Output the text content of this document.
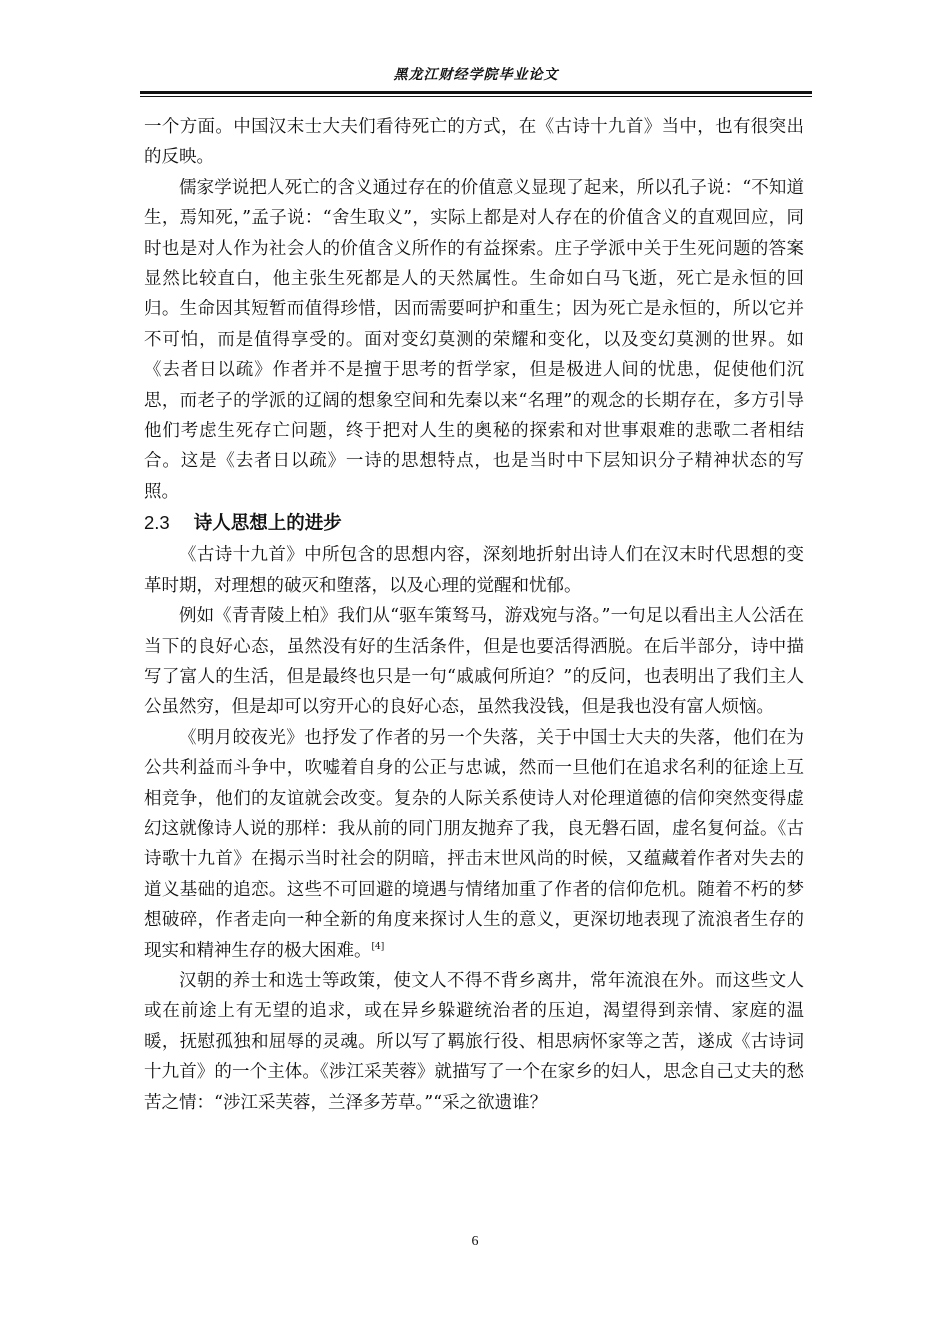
黑龙江财经学院毕业论文

一个方面。中国汉末士大夫们看待死亡的方式，在《古诗十九首》当中，也有很突出的反映。

儒家学说把人死亡的含义通过存在的价值意义显现了起来，所以孔子说：“不知道生，焉知死，”孟子说：“舍生取义”，实际上都是对人存在的价值含义的直观回应，同时也是对人作为社会人的价值含义所作的有益探索。庄子学派中关于生死问题的答案显然比较直白，他主张生死都是人的天然属性。生命如白马飞逝，死亡是永恒的回归。生命因其短暂而值得珍惜，因而需要呵护和重生；因为死亡是永恒的，所以它并不可怕，而是值得享受的。面对变幻莫测的荣耀和变化，以及变幻莫测的世界。如《去者日以疏》作者并不是擅于思考的哲学家，但是极进人间的忧患，促使他们沉思，而老子的学派的辽阔的想象空间和先秦以来“名理”的观念的长期存在，多方引导他们考虑生死存亡问题，终于把对人生的奥秘的探索和对世事艰难的悲歌二者相结合。这是《去者日以疏》一诗的思想特点，也是当时中下层知识分子精神状态的写照。

2.3 诗人思想上的进步

《古诗十九首》中所包含的思想内容，深刻地折射出诗人们在汉末时代思想的变革时期，对理想的破灭和堕落，以及心理的觉醒和忧郁。

例如《青青陵上柏》我们从“驱车策驽马，游戏宛与洛。”一句足以看出主人公活在当下的良好心态，虽然没有好的生活条件，但是也要活得洒脱。在后半部分，诗中描写了富人的生活，但是最终也只是一句“戚戚何所迫？”的反问，也表明出了我们主人公虽然穷，但是却可以穷开心的良好心态，虽然我没钱，但是我也没有富人烦恼。

《明月皎夜光》也抒发了作者的另一个失落，关于中国士大夫的失落，他们在为公共利益而斗争中，吹嘘着自身的公正与忠诚，然而一旦他们在追求名利的征途上互相竞争，他们的友谊就会改变。复杂的人际关系使诗人对伦理道德的信仰突然变得虚幻这就像诗人说的那样：我从前的同门朋友抛弃了我，良无磐石固，虚名复何益。《古诗歌十九首》在揭示当时社会的阴暗，抨击末世风尚的时候，又蕴藏着作者对失去的道义基础的追恋。这些不可回避的境遇与情绪加重了作者的信仰危机。随着不朽的梦想破碎，作者走向一种全新的角度来探讨人生的意义，更深切地表现了流浪者生存的现实和精神生存的极大困难。[4]

汉朝的养士和选士等政策，使文人不得不背乡离井，常年流浪在外。而这些文人或在前途上有无望的追求，或在异乡躲避统治者的压迫，渴望得到亲情、家庭的温暖，抚慰孤独和屈辱的灵魂。所以写了羁旅行役、相思病怀家等之苦，遂成《古诗词十九首》的一个主体。《涉江采芙蓉》就描写了一个在家乡的妇人，思念自己丈夫的愁苦之情：“涉江采芙蓉，兰泽多芳草。”“采之欲遗谁？

6
